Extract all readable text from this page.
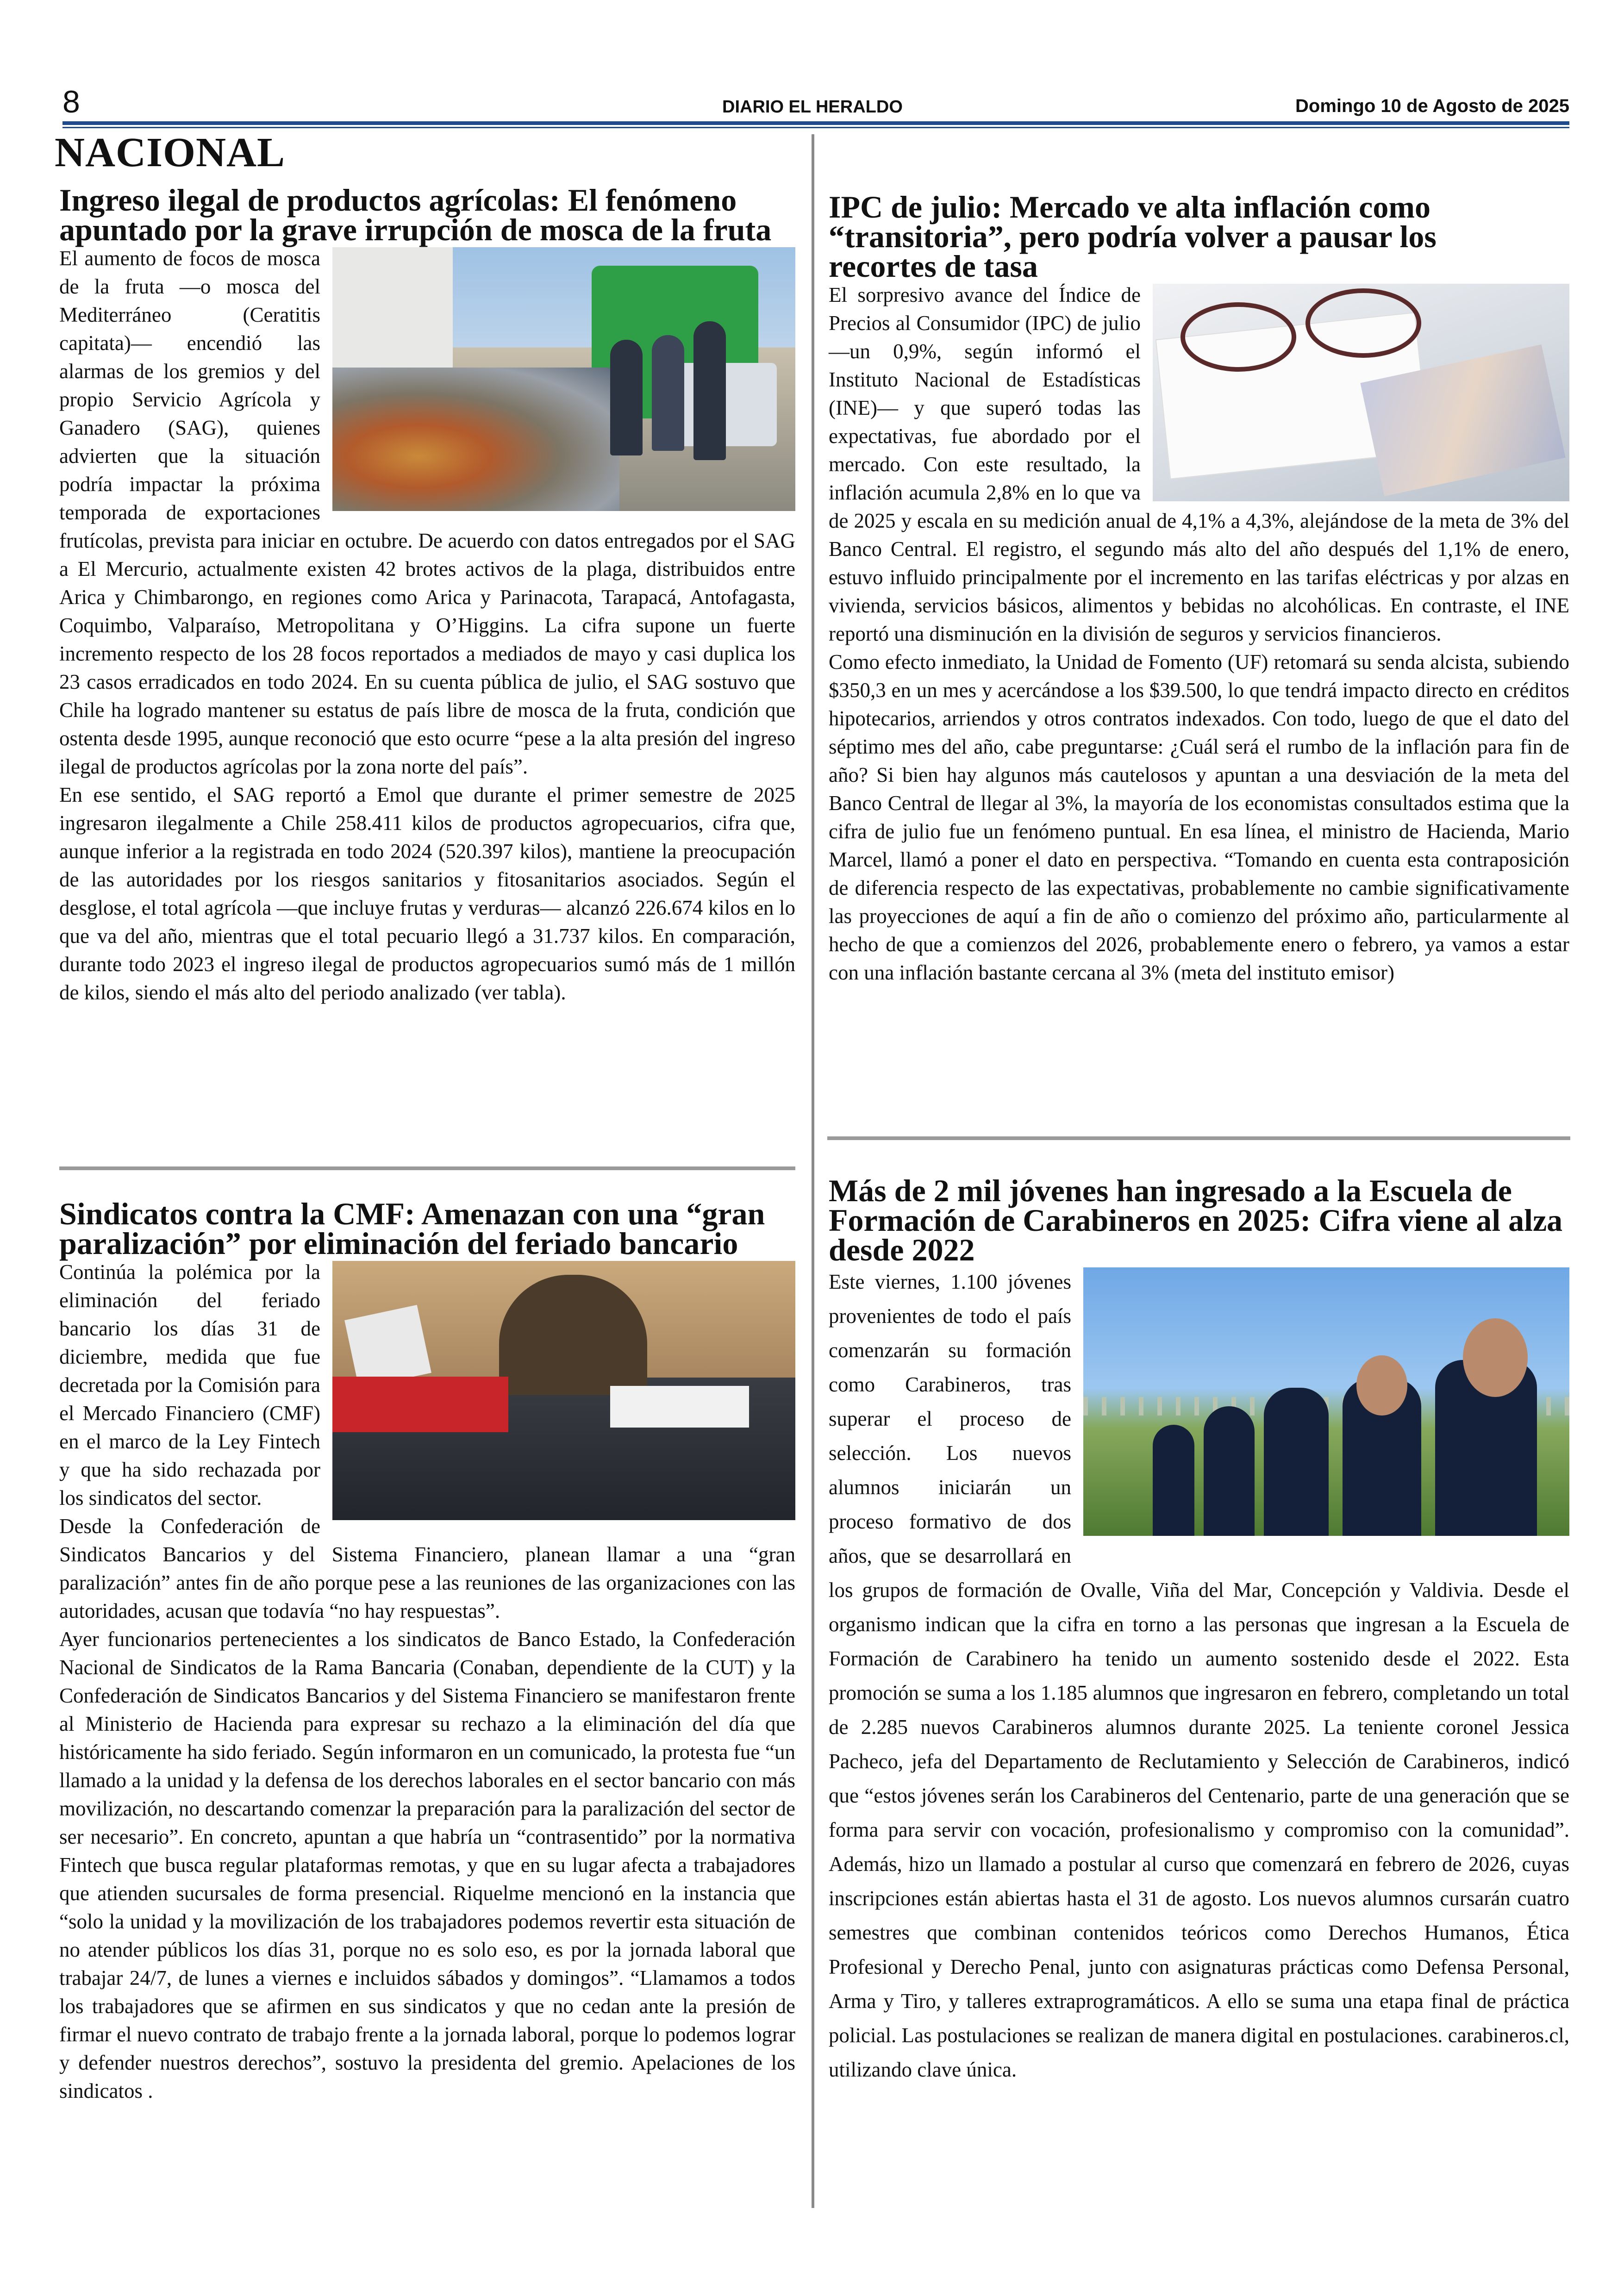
8	DIARIO EL HERALDO	Domingo 10 de Agosto de 2025
NACIONAL
Ingreso ilegal de productos agrícolas: El fenómeno apuntado por la grave irrupción de mosca de la fruta

El aumento de focos de mosca de la fruta —o mosca del Mediterráneo (Ceratitis capitata)— encendió las alarmas de los gremios y del propio Servicio Agrícola y Ganadero (SAG), quienes advierten que la situación podría impactar la próxima temporada de exportaciones frutícolas, prevista para iniciar en octubre. De acuerdo con datos entregados por el SAG a El Mercurio, actualmente existen 42 brotes activos de la plaga, distribuidos entre Arica y Chimbarongo, en regiones como Arica y Parinacota, Tarapacá, Antofagasta, Coquimbo, Valparaíso, Metropolitana y O’Higgins. La cifra supone un fuerte incremento respecto de los 28 focos reportados a mediados de mayo y casi duplica los 23 casos erradicados en todo 2024. En su cuenta pública de julio, el SAG sostuvo que Chile ha logrado mantener su estatus de país libre de mosca de la fruta, condición que ostenta desde 1995, aunque reconoció que esto ocurre “pese a la alta presión del ingreso ilegal de productos agrícolas por la zona norte del país”.

En ese sentido, el SAG reportó a Emol que durante el primer semestre de 2025 ingresaron ilegalmente a Chile 258.411 kilos de productos agropecuarios, cifra que, aunque inferior a la registrada en todo 2024 (520.397 kilos), mantiene la preocupación de las autoridades por los riesgos sanitarios y fitosanitarios asociados. Según el desglose, el total agrícola —que incluye frutas y verduras— alcanzó 226.674 kilos en lo que va del año, mientras que el total pecuario llegó a 31.737 kilos. En comparación, durante todo 2023 el ingreso ilegal de productos agropecuarios sumó más de 1 millón de kilos, siendo el más alto del periodo analizado (ver tabla).

IPC de julio: Mercado ve alta inflación como “transitoria”, pero podría volver a pausar los recortes de tasa

El sorpresivo avance del Índice de Precios al Consumidor (IPC) de julio —un 0,9%, según informó el Instituto Nacional de Estadísticas (INE)— y que superó todas las expectativas, fue abordado por el mercado. Con este resultado, la inflación acumula 2,8% en lo que va de 2025 y escala en su medición anual de 4,1% a 4,3%, alejándose de la meta de 3% del Banco Central. El registro, el segundo más alto del año después del 1,1% de enero, estuvo influido principalmente por el incremento en las tarifas eléctricas y por alzas en vivienda, servicios básicos, alimentos y bebidas no alcohólicas. En contraste, el INE reportó una disminución en la división de seguros y servicios financieros.

Como efecto inmediato, la Unidad de Fomento (UF) retomará su senda alcista, subiendo $350,3 en un mes y acercándose a los $39.500, lo que tendrá impacto directo en créditos hipotecarios, arriendos y otros contratos indexados. Con todo, luego de que el dato del séptimo mes del año, cabe preguntarse: ¿Cuál será el rumbo de la inflación para fin de año? Si bien hay algunos más cautelosos y apuntan a una desviación de la meta del Banco Central de llegar al 3%, la mayoría de los economistas consultados estima que la cifra de julio fue un fenómeno puntual. En esa línea, el ministro de Hacienda, Mario Marcel, llamó a poner el dato en perspectiva. “Tomando en cuenta esta contraposición de diferencia respecto de las expectativas, probablemente no cambie significativamente las proyecciones de aquí a fin de año o comienzo del próximo año, particularmente al hecho de que a comienzos del 2026, probablemente enero o febrero, ya vamos a estar con una inflación bastante cercana al 3% (meta del instituto emisor)

Sindicatos contra la CMF: Amenazan con una “gran paralización” por eliminación del feriado bancario

Continúa la polémica por la eliminación del feriado bancario los días 31 de diciembre, medida que fue decretada por la Comisión para el Mercado Financiero (CMF) en el marco de la Ley Fintech y que ha sido rechazada por los sindicatos del sector.

Desde la Confederación de Sindicatos Bancarios y del Sistema Financiero, planean llamar a una “gran paralización” antes fin de año porque pese a las reuniones de las organizaciones con las autoridades, acusan que todavía “no hay respuestas”.

Ayer funcionarios pertenecientes a los sindicatos de Banco Estado, la Confederación Nacional de Sindicatos de la Rama Bancaria (Conaban, dependiente de la CUT) y la Confederación de Sindicatos Bancarios y del Sistema Financiero se manifestaron frente al Ministerio de Hacienda para expresar su rechazo a la eliminación del día que históricamente ha sido feriado. Según informaron en un comunicado, la protesta fue “un llamado a la unidad y la defensa de los derechos laborales en el sector bancario con más movilización, no descartando comenzar la preparación para la paralización del sector de ser necesario”. En concreto, apuntan a que habría un “contrasentido” por la normativa Fintech que busca regular plataformas remotas, y que en su lugar afecta a trabajadores que atienden sucursales de forma presencial. Riquelme mencionó en la instancia que “solo la unidad y la movilización de los trabajadores podemos revertir esta situación de no atender públicos los días 31, porque no es solo eso, es por la jornada laboral que trabajar 24/7, de lunes a viernes e incluidos sábados y domingos”. “Llamamos a todos los trabajadores que se afirmen en sus sindicatos y que no cedan ante la presión de firmar el nuevo contrato de trabajo frente a la jornada laboral, porque lo podemos lograr y defender nuestros derechos”, sostuvo la presidenta del gremio. Apelaciones de los sindicatos .

Más de 2 mil jóvenes han ingresado a la Escuela de Formación de Carabineros en 2025: Cifra viene al alza desde 2022

Este viernes, 1.100 jóvenes provenientes de todo el país comenzarán su formación como Carabineros, tras superar el proceso de selección. Los nuevos alumnos iniciarán un proceso formativo de dos años, que se desarrollará en los grupos de formación de Ovalle, Viña del Mar, Concepción y Valdivia. Desde el organismo indican que la cifra en torno a las personas que ingresan a la Escuela de Formación de Carabinero ha tenido un aumento sostenido desde el 2022. Esta promoción se suma a los 1.185 alumnos que ingresaron en febrero, completando un total de 2.285 nuevos Carabineros alumnos durante 2025. La teniente coronel Jessica Pacheco, jefa del Departamento de Reclutamiento y Selección de Carabineros, indicó que “estos jóvenes serán los Carabineros del Centenario, parte de una generación que se forma para servir con vocación, profesionalismo y compromiso con la comunidad”. Además, hizo un llamado a postular al curso que comenzará en febrero de 2026, cuyas inscripciones están abiertas hasta el 31 de agosto. Los nuevos alumnos cursarán cuatro semestres que combinan contenidos teóricos como Derechos Humanos, Ética Profesional y Derecho Penal, junto con asignaturas prácticas como Defensa Personal, Arma y Tiro, y talleres extraprogramáticos. A ello se suma una etapa final de práctica policial. Las postulaciones se realizan de manera digital en postulaciones. carabineros.cl, utilizando clave única.
